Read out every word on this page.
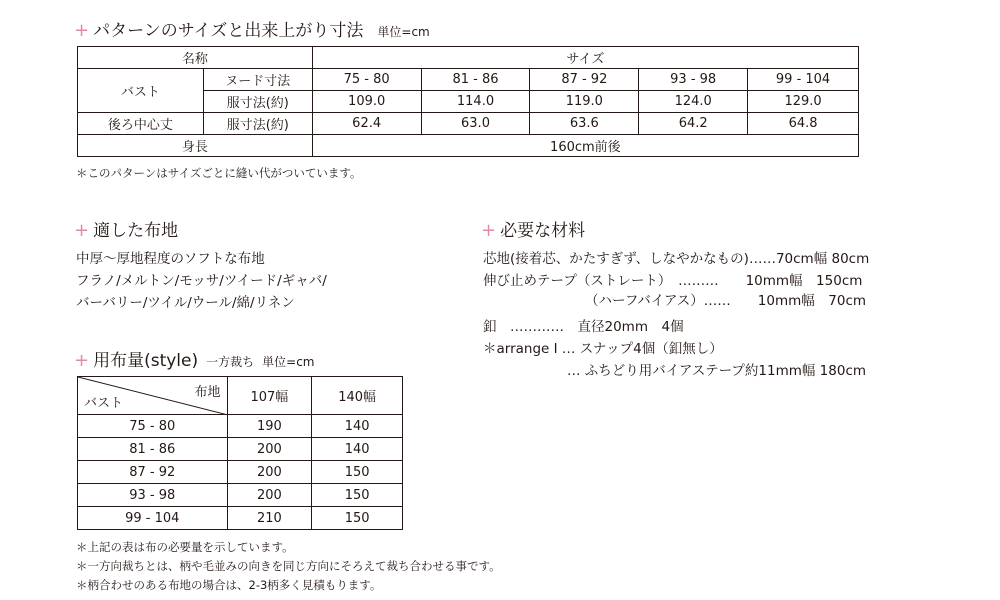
+ パターンのサイズと出来上がり寸法 単位=cm
名称		サイズ				
バスト	ヌード寸法	75 - 80	81 - 86	87 - 92	93 - 98	99 - 104
	服寸法(約)	109.0	114.0	119.0	124.0	129.0
後ろ中心丈	服寸法(約)	62.4	63.0	63.6	64.2	64.8
身長		160cm前後				
＊このパターンはサイズごとに縫い代がついています。
+ 適した布地
中厚〜厚地程度のソフトな布地
フラノ/メルトン/モッサ/ツイード/ギャバ/
バーバリー/ツイル/ウール/綿/リネン
+ 必要な材料
芯地(接着芯、かたすぎず、しなやかなもの)……70cm幅 80cm
伸び止めテープ（ストレート）　………　　10mm幅　150cm
（ハーフバイアス）……　　10mm幅　70cm
釦　…………　直径20mm　4個
＊arrange I … スナップ4個（釦無し）
… ふちどり用バイアステープ約11mm幅 180cm
+ 用布量(style) 一方裁ち 単位=cm
布地
バスト	107幅	140幅
75 - 80	190	140
81 - 86	200	140
87 - 92	200	150
93 - 98	200	150
99 - 104	210	150
＊上記の表は布の必要量を示しています。
＊一方向裁ちとは、柄や毛並みの向きを同じ方向にそろえて裁ち合わせる事です。
＊柄合わせのある布地の場合は、2-3柄多く見積もります。
